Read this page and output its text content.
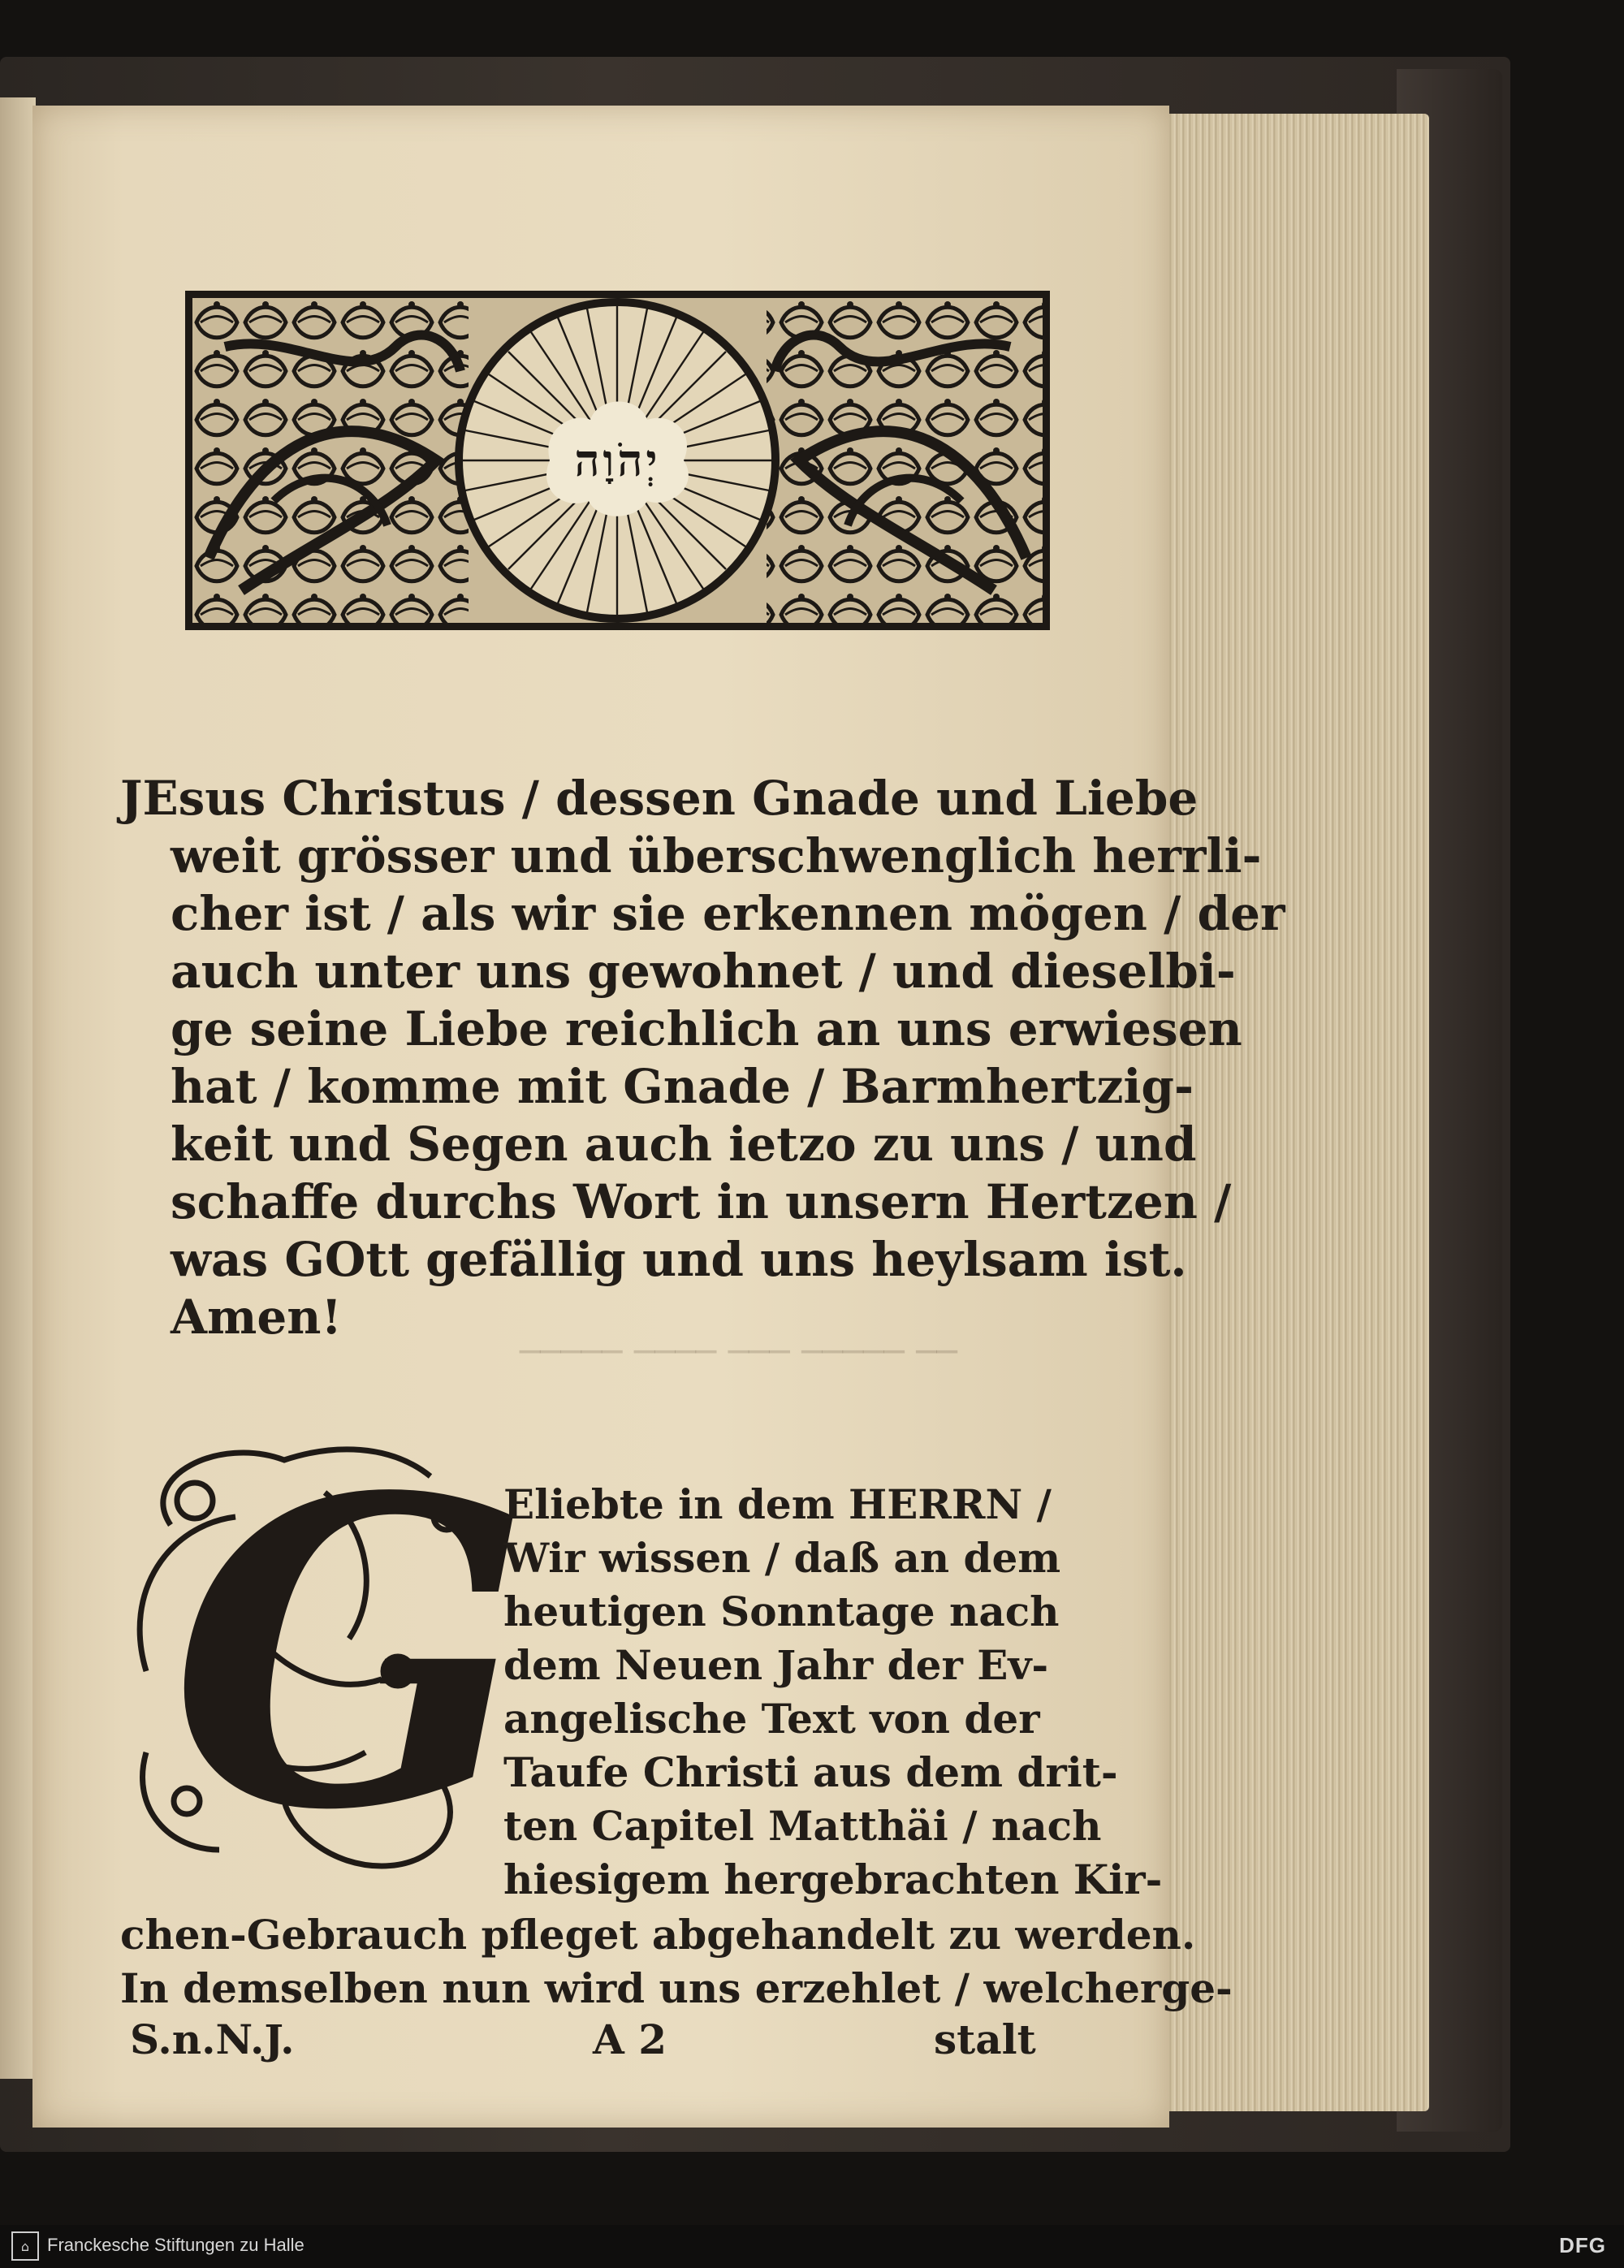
───── ──── ─── ───── ──
יְהֹוָה
JEsus Christus / dessen Gnade und Liebe
weit grösser und überschwenglich herrli-
cher ist / als wir sie erkennen mögen / der
auch unter uns gewohnet / und dieselbi-
ge seine Liebe reichlich an uns erwiesen
hat / komme mit Gnade / Barmhertzig-
keit und Segen auch ietzo zu uns / und
schaffe durchs Wort in unsern Hertzen /
was GOtt gefällig und uns heylsam ist.
Amen!
G
Eliebte in dem HERRN /
Wir wissen / daß an dem
heutigen Sonntage nach
dem Neuen Jahr der Ev-
angelische Text von der
Taufe Christi aus dem drit-
ten Capitel Matthäi / nach
hiesigem hergebrachten Kir-
chen-Gebrauch pfleget abgehandelt zu werden.
In demselben nun wird uns erzehlet / welcherge-
S.n.N.J.	A 2	stalt
⌂ Franckesche Stiftungen zu Halle	DFG
